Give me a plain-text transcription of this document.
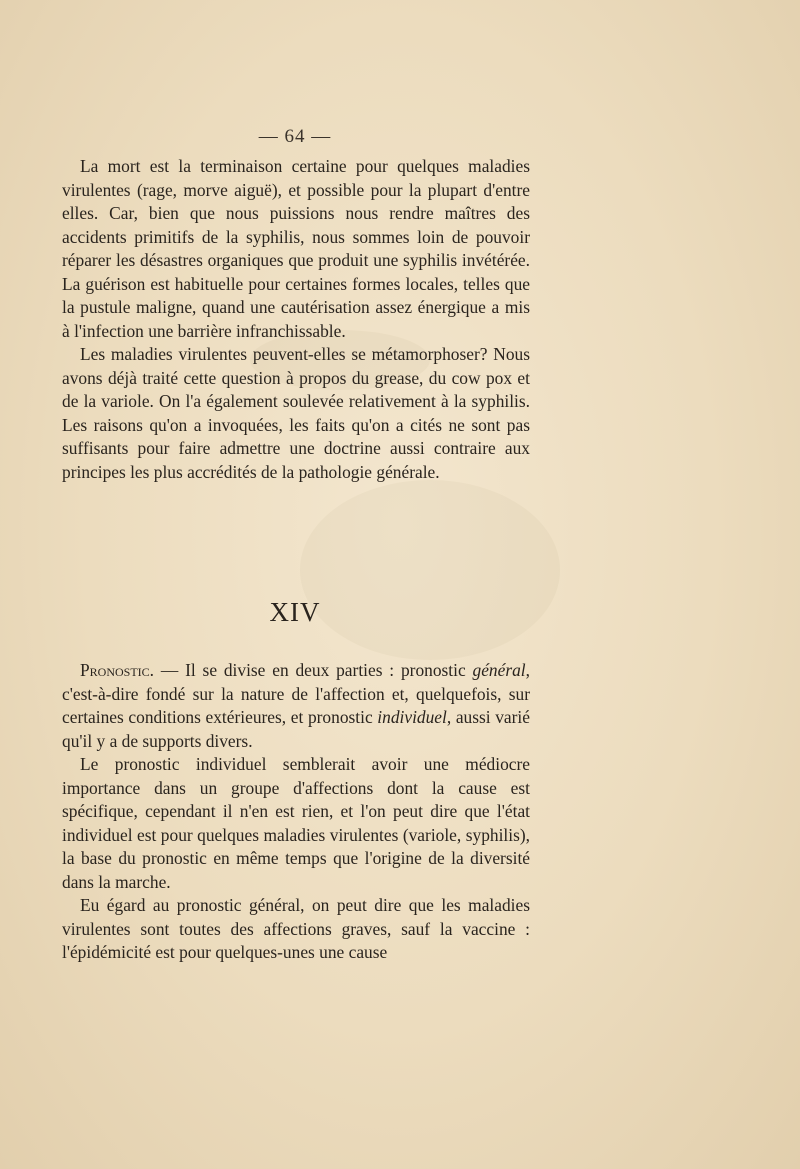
— 64 —

La mort est la terminaison certaine pour quelques maladies virulentes (rage, morve aiguë), et possible pour la plupart d'entre elles. Car, bien que nous puissions nous rendre maîtres des accidents primitifs de la syphilis, nous sommes loin de pouvoir réparer les désastres organiques que produit une syphilis invétérée. La guérison est habituelle pour certaines formes locales, telles que la pustule maligne, quand une cautérisation assez énergique a mis à l'infection une barrière infranchissable.

Les maladies virulentes peuvent-elles se métamorphoser? Nous avons déjà traité cette question à propos du grease, du cow pox et de la variole. On l'a également soulevée relativement à la syphilis. Les raisons qu'on a invoquées, les faits qu'on a cités ne sont pas suffisants pour faire admettre une doctrine aussi contraire aux principes les plus accrédités de la pathologie générale.

XIV

Pronostic. — Il se divise en deux parties : pronostic général, c'est-à-dire fondé sur la nature de l'affection et, quelquefois, sur certaines conditions extérieures, et pronostic individuel, aussi varié qu'il y a de supports divers.

Le pronostic individuel semblerait avoir une médiocre importance dans un groupe d'affections dont la cause est spécifique, cependant il n'en est rien, et l'on peut dire que l'état individuel est pour quelques maladies virulentes (variole, syphilis), la base du pronostic en même temps que l'origine de la diversité dans la marche.

Eu égard au pronostic général, on peut dire que les maladies virulentes sont toutes des affections graves, sauf la vaccine : l'épidémicité est pour quelques-unes une cause
